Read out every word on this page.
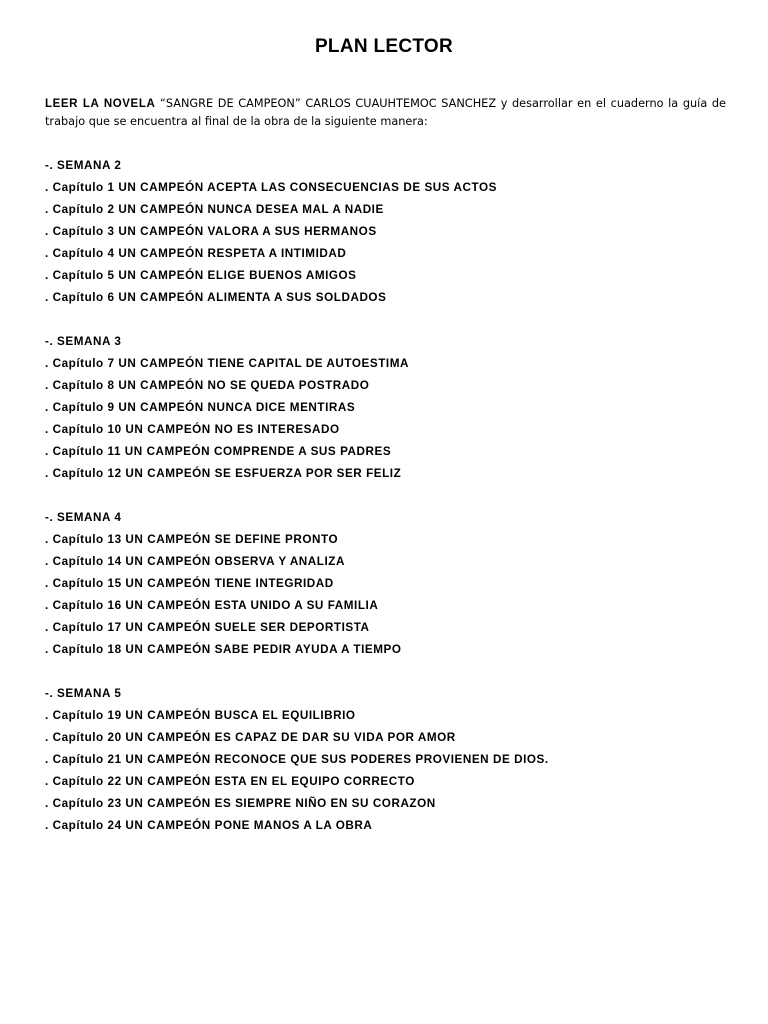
PLAN LECTOR
LEER LA NOVELA “SANGRE DE CAMPEON” CARLOS CUAUHTEMOC SANCHEZ y desarrollar en el cuaderno la guía de trabajo que se encuentra al final de la obra de la siguiente manera:
-. SEMANA 2
. Capítulo 1 UN CAMPEÓN ACEPTA LAS CONSECUENCIAS DE SUS ACTOS
. Capítulo 2 UN CAMPEÓN NUNCA DESEA MAL A NADIE
. Capítulo 3 UN CAMPEÓN VALORA A SUS HERMANOS
. Capítulo 4 UN CAMPEÓN RESPETA A INTIMIDAD
. Capítulo 5 UN CAMPEÓN ELIGE BUENOS AMIGOS
. Capítulo 6 UN CAMPEÓN ALIMENTA A SUS SOLDADOS
-. SEMANA 3
. Capítulo 7 UN CAMPEÓN TIENE CAPITAL DE AUTOESTIMA
. Capítulo 8 UN CAMPEÓN NO SE QUEDA POSTRADO
. Capítulo 9 UN CAMPEÓN NUNCA DICE MENTIRAS
. Capítulo 10 UN CAMPEÓN NO ES INTERESADO
. Capítulo 11 UN CAMPEÓN COMPRENDE A SUS PADRES
. Capítulo 12 UN CAMPEÓN SE ESFUERZA POR SER FELIZ
-. SEMANA 4
. Capítulo 13 UN CAMPEÓN SE DEFINE PRONTO
. Capítulo 14 UN CAMPEÓN OBSERVA Y ANALIZA
. Capítulo 15 UN CAMPEÓN TIENE INTEGRIDAD
. Capítulo 16 UN CAMPEÓN ESTA UNIDO A SU FAMILIA
. Capítulo 17 UN CAMPEÓN SUELE SER DEPORTISTA
. Capítulo 18 UN CAMPEÓN SABE PEDIR AYUDA A TIEMPO
-. SEMANA 5
. Capítulo 19 UN CAMPEÓN BUSCA EL EQUILIBRIO
. Capítulo 20 UN CAMPEÓN ES CAPAZ DE DAR SU VIDA POR AMOR
. Capítulo 21 UN CAMPEÓN RECONOCE QUE SUS PODERES PROVIENEN DE DIOS.
. Capítulo 22 UN CAMPEÓN ESTA EN EL EQUIPO CORRECTO
. Capítulo 23 UN CAMPEÓN ES SIEMPRE NIÑO EN SU CORAZON
. Capítulo 24 UN CAMPEÓN PONE MANOS A LA OBRA
